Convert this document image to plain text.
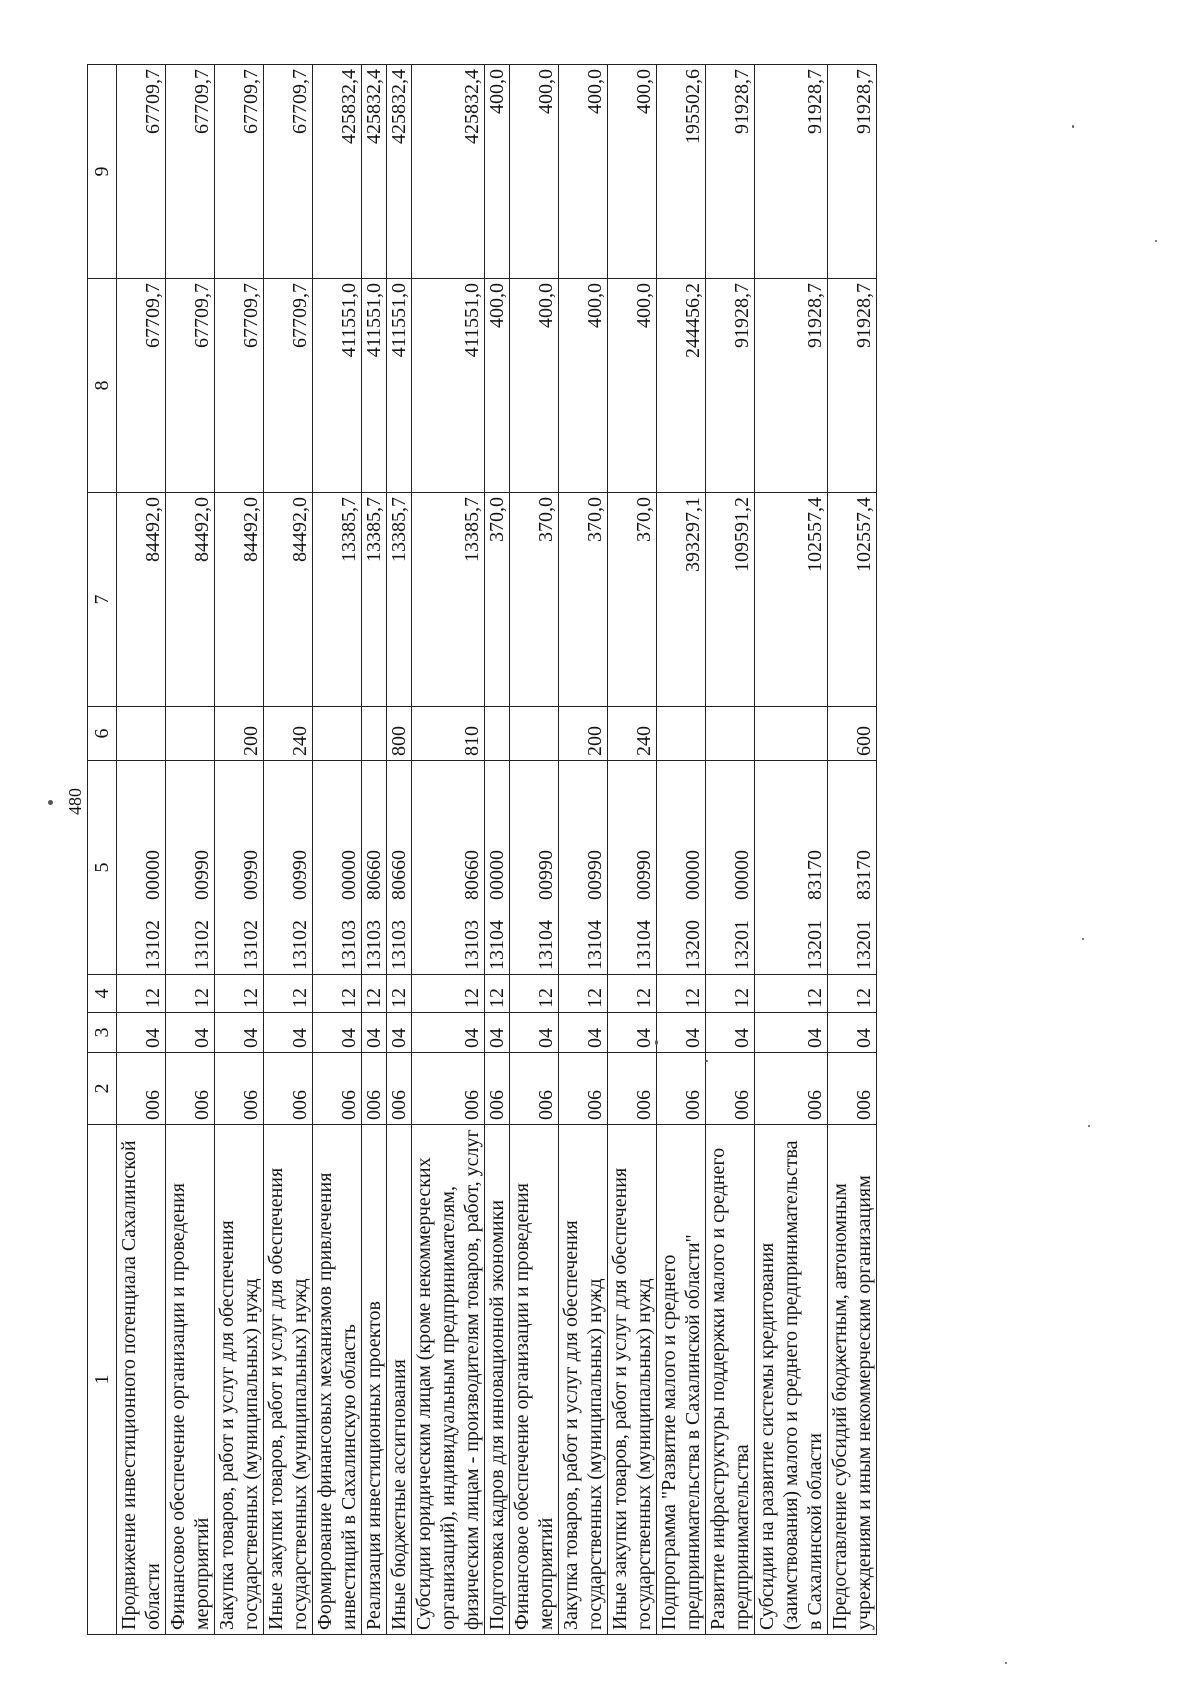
480
1	2	3	4	5	6	7	8	9
Продвижение инвестиционного потенциала Сахалинской области	006	04	12	1310200000		84492,0	67709,7	67709,7
Финансовое обеспечение организации и проведения мероприятий	006	04	12	1310200990		84492,0	67709,7	67709,7
Закупка товаров, работ и услуг для обеспечения государственных (муниципальных) нужд	006	04	12	1310200990	200	84492,0	67709,7	67709,7
Иные закупки товаров, работ и услуг для обеспечения государственных (муниципальных) нужд	006	04	12	1310200990	240	84492,0	67709,7	67709,7
Формирование финансовых механизмов привлечения инвестиций в Сахалинскую область	006	04	12	1310300000		13385,7	411551,0	425832,4
Реализация инвестиционных проектов	006	04	12	1310380660		13385,7	411551,0	425832,4
Иные бюджетные ассигнования	006	04	12	1310380660	800	13385,7	411551,0	425832,4
Субсидии юридическим лицам (кроме некоммерческих организаций), индивидуальным предпринимателям, физическим лицам - производителям товаров, работ, услуг	006	04	12	1310380660	810	13385,7	411551,0	425832,4
Подготовка кадров для инновационной экономики	006	04	12	1310400000		370,0	400,0	400,0
Финансовое обеспечение организации и проведения мероприятий	006	04	12	1310400990		370,0	400,0	400,0
Закупка товаров, работ и услуг для обеспечения государственных (муниципальных) нужд	006	04	12	1310400990	200	370,0	400,0	400,0
Иные закупки товаров, работ и услуг для обеспечения государственных (муниципальных) нужд	006	04	12	1310400990	240	370,0	400,0	400,0
Подпрограмма "Развитие малого и среднего предпринимательства в Сахалинской области"	006	04	12	1320000000		393297,1	244456,2	195502,6
Развитие инфраструктуры поддержки малого и среднего предпринимательства	006	04	12	1320100000		109591,2	91928,7	91928,7
Субсидии на развитие системы кредитования (заимствования) малого и среднего предпринимательства в Сахалинской области	006	04	12	1320183170		102557,4	91928,7	91928,7
Предоставление субсидий бюджетным, автономным учреждениям и иным некоммерческим организациям	006	04	12	1320183170	600	102557,4	91928,7	91928,7
